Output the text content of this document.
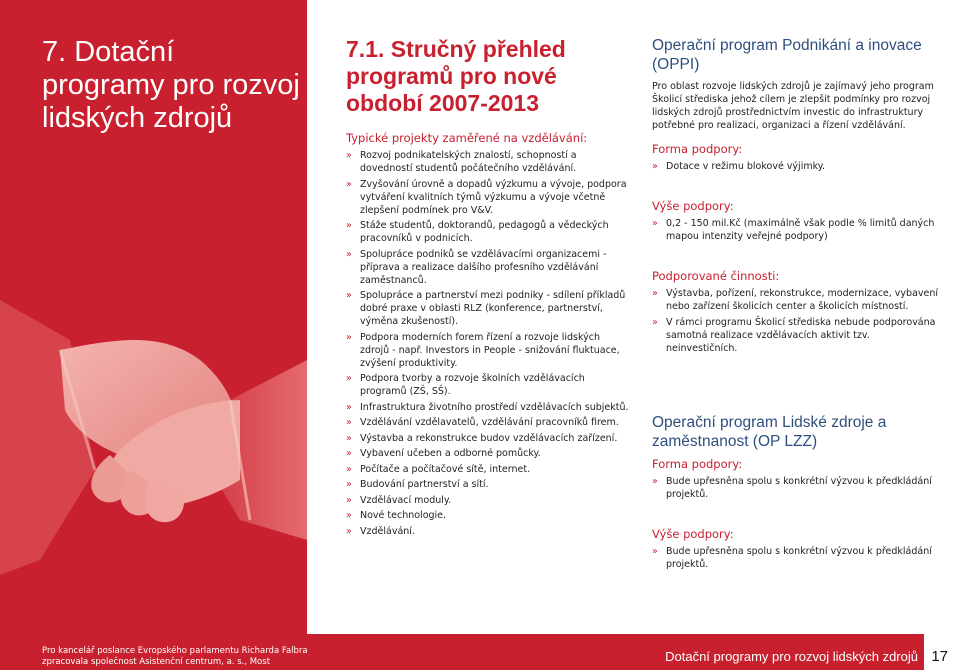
7. Dotační programy pro rozvoj lidských zdrojů
7.1. Stručný přehled programů pro nové období 2007-2013
Typické projekty zaměřené na vzdělávání:
» Rozvoj podnikatelských znalostí, schopností a dovedností studentů počátečního vzdělávání.
» Zvyšování úrovně a dopadů výzkumu a vývoje, podpora vytváření kvalitních týmů výzkumu a vývoje včetně zlepšení podmínek pro V&V.
» Stáže studentů, doktorandů, pedagogů a vědeckých pracovníků v podnicích.
» Spolupráce podniků se vzdělávacími organizacemi - příprava a realizace dalšího profesního vzdělávání zaměstnanců.
» Spolupráce a partnerství mezi podniky - sdílení příkladů dobré praxe v oblasti RLZ (konference, partnerství, výměna zkušeností).
» Podpora moderních forem řízení a rozvoje lidských zdrojů - např. Investors in People - snižování fluktuace, zvýšení produktivity.
» Podpora tvorby a rozvoje školních vzdělávacích programů (ZŠ, SŠ).
» Infrastruktura životního prostředí vzdělávacích subjektů.
» Vzdělávání vzdělavatelů, vzdělávání pracovníků firem.
» Výstavba a rekonstrukce budov vzdělávacích zařízení.
» Vybavení učeben a odborné pomůcky.
» Počítače a počítačové sítě, internet.
» Budování partnerství a sítí.
» Vzdělávací moduly.
» Nové technologie.
» Vzdělávání.
Operační program Podnikání a inovace (OPPI)

Pro oblast rozvoje lidských zdrojů je zajímavý jeho program Školicí střediska jehož cílem je zlepšit podmínky pro rozvoj lidských zdrojů prostřednictvím investic do infrastruktury potřebné pro realizaci, organizaci a řízení vzdělávání.

Forma podpory:
» Dotace v režimu blokové výjimky.
Výše podpory:
» 0,2 - 150 mil.Kč (maximálně však podle % limitů daných mapou intenzity veřejné podpory)
Podporované činnosti:
» Výstavba, pořízení, rekonstrukce, modernizace, vybavení nebo zařízení školicích center a školicích místností.
» V rámci programu Školicí střediska nebude podporována samotná realizace vzdělávacích aktivit tzv. neinvestičních.
Operační program Lidské zdroje a zaměstnanost (OP LZZ)
Forma podpory:
» Bude upřesněna spolu s konkrétní výzvou k předkládání projektů.
Výše podpory:
» Bude upřesněna spolu s konkrétní výzvou k předkládání projektů.
Pro kancelář poslance Evropského parlamentu Richarda Falbra
zpracovala společnost Asistenční centrum, a. s., Most	Dotační programy pro rozvoj lidských zdrojů 17
